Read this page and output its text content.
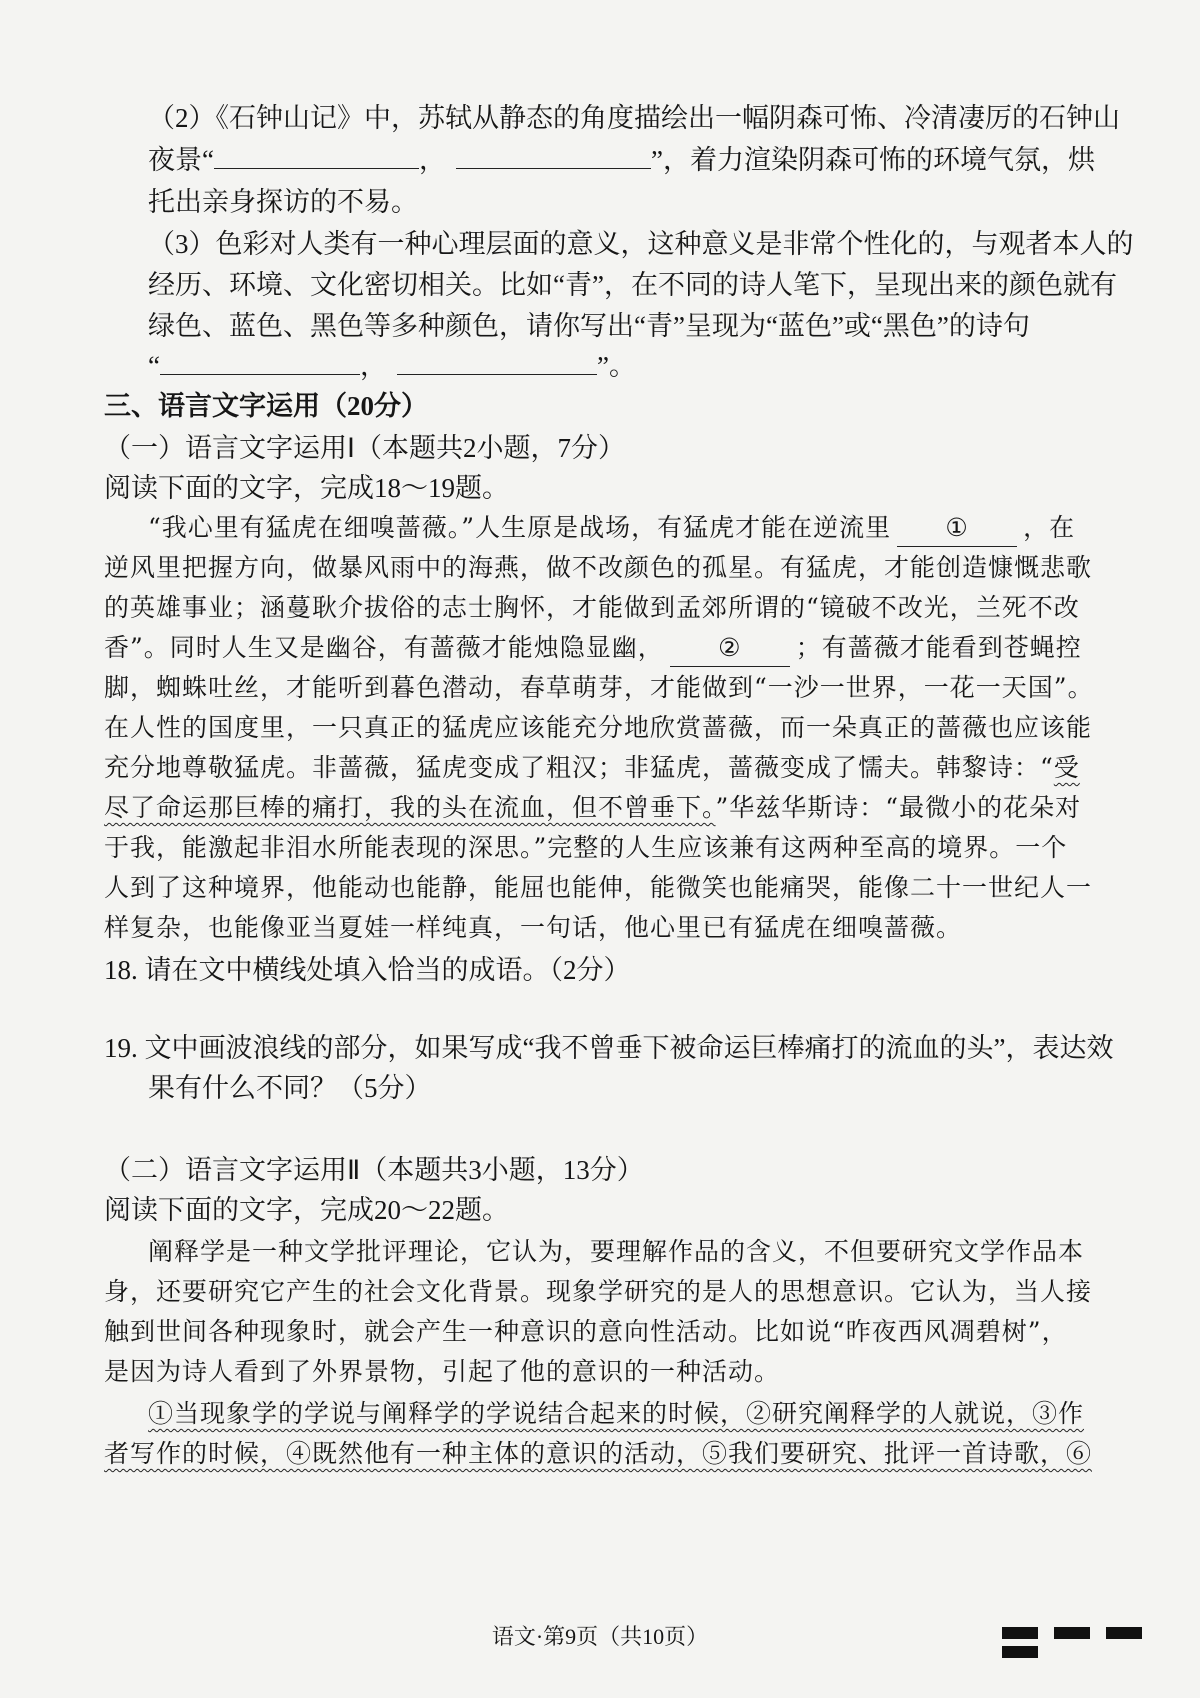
（2）《石钟山记》中，苏轼从静态的角度描绘出一幅阴森可怖、冷清凄厉的石钟山
夜景“	，	”，着力渲染阴森可怖的环境气氛，烘
托出亲身探访的不易。
（3）色彩对人类有一种心理层面的意义，这种意义是非常个性化的，与观者本人的
经历、环境、文化密切相关。比如“青”，在不同的诗人笔下，呈现出来的颜色就有
绿色、蓝色、黑色等多种颜色，请你写出“青”呈现为“蓝色”或“黑色”的诗句
“	，	”。
三、语言文字运用（20分）
（一）语言文字运用Ⅰ（本题共2小题，7分）
阅读下面的文字，完成18～19题。
“我心里有猛虎在细嗅蔷薇。”人生原是战场，有猛虎才能在逆流里 ① ，在
逆风里把握方向，做暴风雨中的海燕，做不改颜色的孤星。有猛虎，才能创造慷慨悲歌
的英雄事业；涵蔓耿介拔俗的志士胸怀，才能做到孟郊所谓的“镜破不改光，兰死不改
香”。同时人生又是幽谷，有蔷薇才能烛隐显幽， ② ；有蔷薇才能看到苍蝇控
脚，蜘蛛吐丝，才能听到暮色潜动，春草萌芽，才能做到“一沙一世界，一花一天国”。
在人性的国度里，一只真正的猛虎应该能充分地欣赏蔷薇，而一朵真正的蔷薇也应该能
充分地尊敬猛虎。非蔷薇，猛虎变成了粗汉；非猛虎，蔷薇变成了懦夫。韩黎诗：“受
尽了命运那巨棒的痛打，我的头在流血，但不曾垂下。”华兹华斯诗：“最微小的花朵对
于我，能激起非泪水所能表现的深思。”完整的人生应该兼有这两种至高的境界。一个
人到了这种境界，他能动也能静，能屈也能伸，能微笑也能痛哭，能像二十一世纪人一
样复杂，也能像亚当夏娃一样纯真，一句话，他心里已有猛虎在细嗅蔷薇。
18. 请在文中横线处填入恰当的成语。（2分）
19. 文中画波浪线的部分，如果写成“我不曾垂下被命运巨棒痛打的流血的头”，表达效
果有什么不同？（5分）
（二）语言文字运用Ⅱ（本题共3小题，13分）
阅读下面的文字，完成20～22题。
阐释学是一种文学批评理论，它认为，要理解作品的含义，不但要研究文学作品本
身，还要研究它产生的社会文化背景。现象学研究的是人的思想意识。它认为，当人接
触到世间各种现象时，就会产生一种意识的意向性活动。比如说“昨夜西风凋碧树”，
是因为诗人看到了外界景物，引起了他的意识的一种活动。
①当现象学的学说与阐释学的学说结合起来的时候，②研究阐释学的人就说，③作
者写作的时候，④既然他有一种主体的意识的活动，⑤我们要研究、批评一首诗歌，⑥
语文·第9页（共10页）
